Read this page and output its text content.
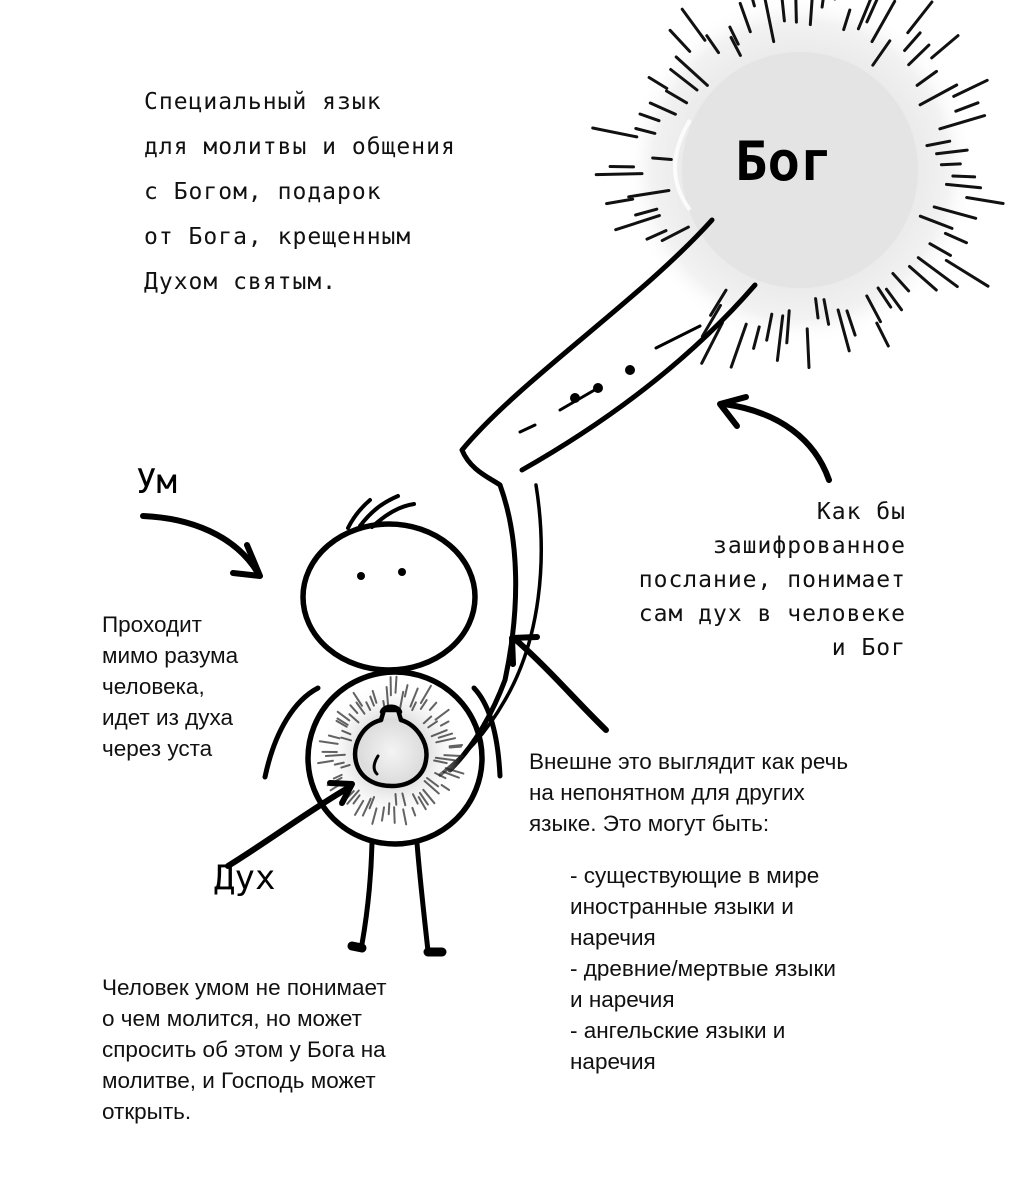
Специальный язык
для молитвы и общения
с Богом, подарок
от Бога, крещенным
Духом святым.
Бог
Ум
Дух
Как бы
зашифрованное
послание, понимает
сам дух в человеке
и Бог
Проходит
мимо разума
человека,
идет из духа
через уста
Внешне это выглядит как речь
на непонятном для других
языке. Это могут быть:
- существующие в мире
иностранные языки и
наречия
- древние/мертвые языки
и наречия
- ангельские языки и
наречия
Человек умом не понимает
о чем молится, но может
спросить об этом у Бога на
молитве, и Господь может
открыть.
